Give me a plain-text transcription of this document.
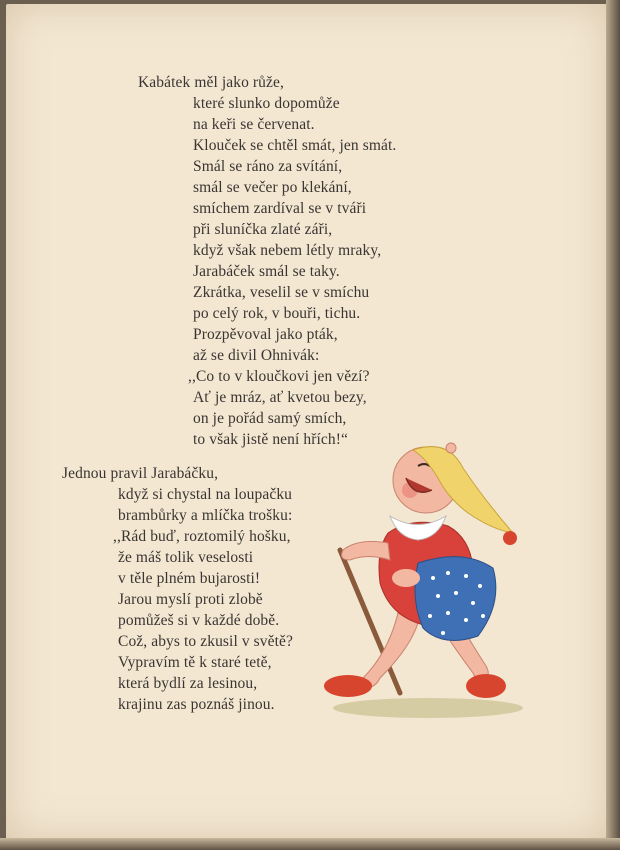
Kabátek měl jako růže,
které slunko dopomůže
na keři se červenat.
Klouček se chtěl smát, jen smát.
Smál se ráno za svítání,
smál se večer po klekání,
smíchem zardíval se v tváři
při sluníčka zlaté záři,
když však nebem létly mraky,
Jarabáček smál se taky.
Zkrátka, veselil se v smíchu
po celý rok, v bouři, tichu.
Prozpěvoval jako pták,
až se divil Ohnivák:
,,Co to v kloučkovi jen vězí?
Ať je mráz, ať kvetou bezy,
on je pořád samý smích,
to však jistě není hřích!“
Jednou pravil Jarabáčku,
když si chystal na loupačku
brambůrky a mlíčka trošku:
,,Rád buď, roztomilý hošku,
že máš tolik veselosti
v těle plném bujarosti!
Jarou myslí proti zlobě
pomůžeš si v každé době.
Což, abys to zkusil v světě?
Vypravím tě k staré tetě,
která bydlí za lesinou,
krajinu zas poznáš jinou.
